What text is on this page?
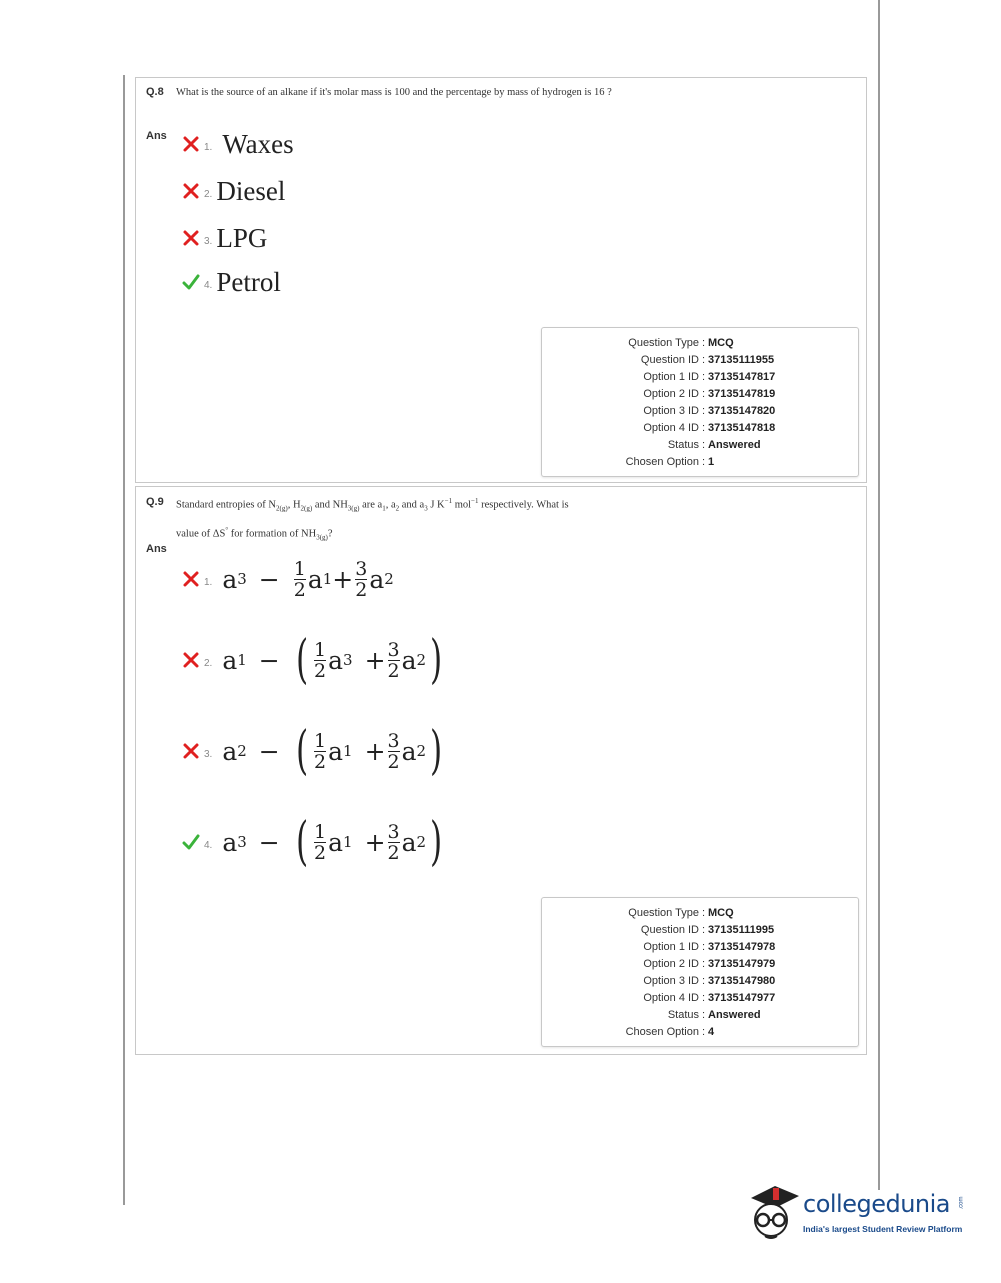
Q.8 What is the source of an alkane if it's molar mass is 100 and the percentage by mass of hydrogen is 16 ?
Ans
1. Waxes
2. Diesel
3. LPG
4. Petrol
Question Type : MCQ
Question ID : 37135111955
Option 1 ID : 37135147817
Option 2 ID : 37135147819
Option 3 ID : 37135147820
Option 4 ID : 37135147818
Status : Answered
Chosen Option : 1
Q.9 Standard entropies of $N_{2(g)}$, $H_{2(g)}$ and $NH_{3(g)}$ are $a_1$, $a_2$ and $a_3$ J $K^{-1}$ mol$^{-1}$ respectively. What is
value of ΔS° for formation of $NH_{3(g)}$?
Ans
1. a $3 - \frac{1}{2}$ a $1 + \frac{3}{2}$ a 2
2. a 1 − ( $\frac{1}{2}$ a $3 + \frac{3}{2}$ a 2 )
3. a 2 − ( $\frac{1}{2}$ a $1 + \frac{3}{2}$ a 2 )
4. a 3 − ( $\frac{1}{2}$ a $1 + \frac{3}{2}$ a 2 )
Question Type : MCQ
Question ID : 37135111995
Option 1 ID : 37135147978
Option 2 ID : 37135147979
Option 3 ID : 37135147980
Option 4 ID : 37135147977
Status : Answered
Chosen Option : 4
collegedunia .com
India's largest Student Review Platform
